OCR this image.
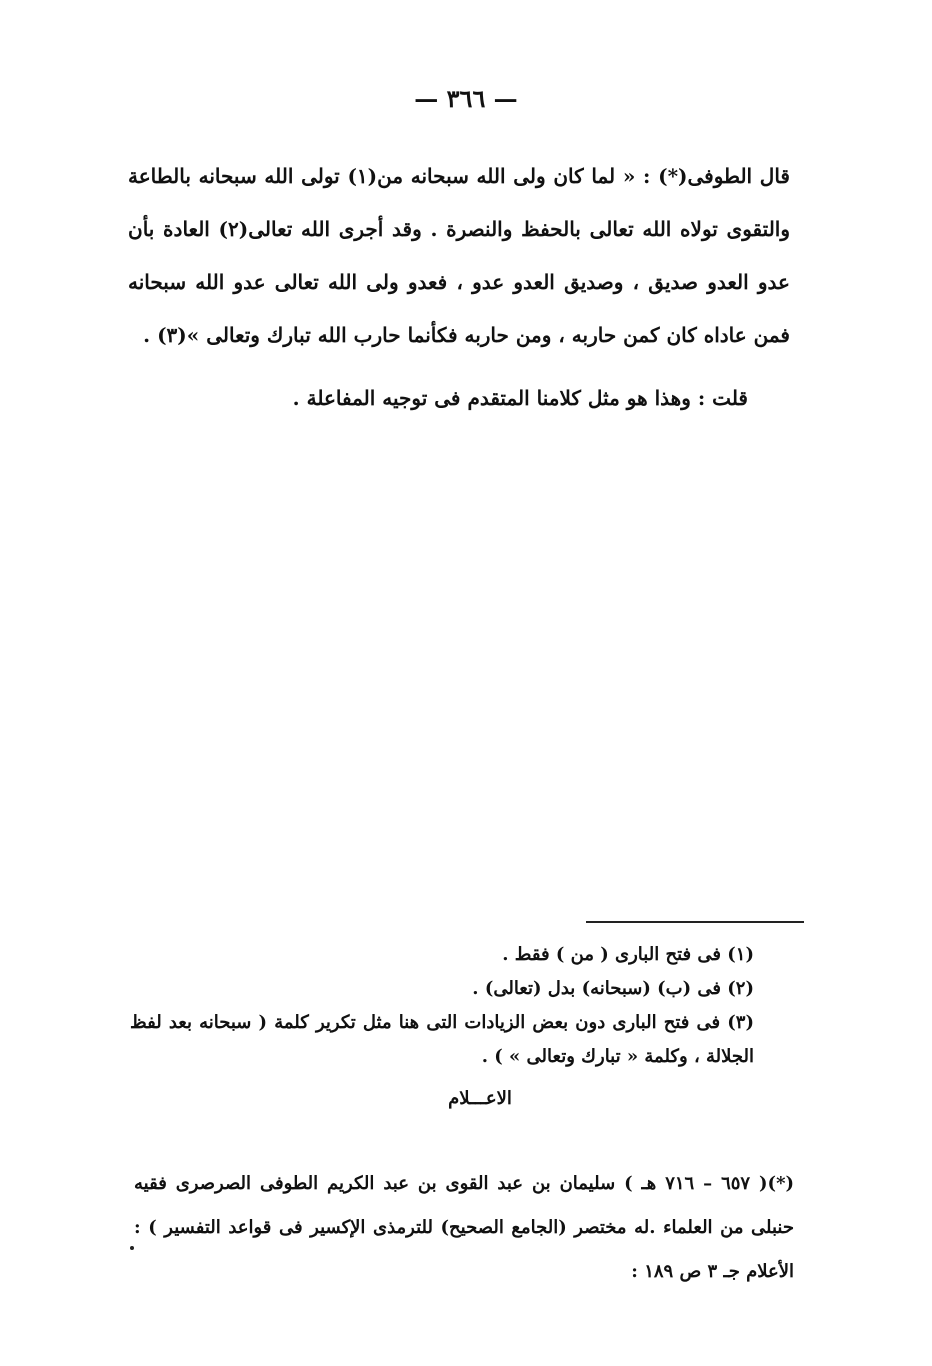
— ٣٦٦ —

قال الطوفى(*) : « لما كان ولى الله سبحانه من(١) تولى الله سبحانه بالطاعة والتقوى تولاه الله تعالى بالحفظ والنصرة . وقد أجرى الله تعالى(٢) العادة بأن عدو العدو صديق ، وصديق العدو عدو ، فعدو ولى الله تعالى عدو الله سبحانه فمن عاداه كان كمن حاربه ، ومن حاربه فكأنما حارب الله تبارك وتعالى »(٣) .

قلت : وهذا هو مثل كلامنا المتقدم فى توجيه المفاعلة .

(١) فى فتح البارى ( من ) فقط .

(٢) فى (ب) (سبحانه) بدل (تعالى) .

(٣) فى فتح البارى دون بعض الزيادات التى هنا مثل تكرير كلمة ( سبحانه بعد لفظ الجلالة ، وكلمة « تبارك وتعالى » ) .

الاعـــلام

(*)( ٦٥٧ – ٧١٦ هـ ) سليمان بن عبد القوى بن عبد الكريم الطوفى الصرصرى فقيه حنبلى من العلماء .له مختصر (الجامع الصحيح) للترمذى الإكسير فى قواعد التفسير ) : الأعلام جـ ٣ ص ١٨٩ :
